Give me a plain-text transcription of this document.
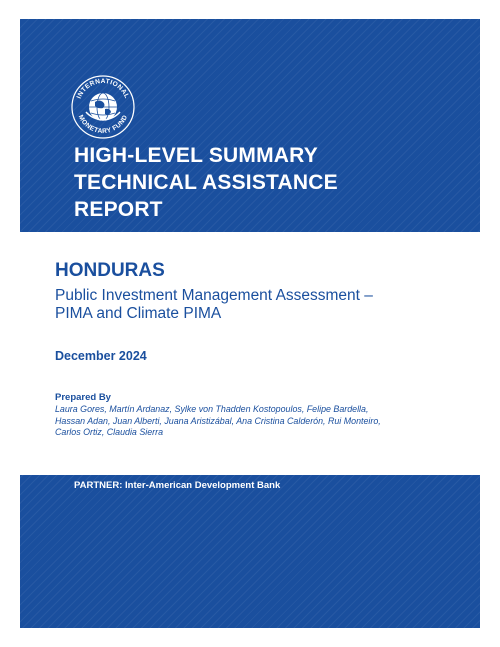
INTERNATIONAL
MONETARY FUND
HIGH-LEVEL SUMMARY
TECHNICAL ASSISTANCE
REPORT
HONDURAS

Public Investment Management Assessment –
PIMA and Climate PIMA

December 2024

Prepared By

Laura Gores, Martín Ardanaz, Sylke von Thadden Kostopoulos, Felipe Bardella,
Hassan Adan, Juan Alberti, Juana Aristizábal, Ana Cristina Calderón, Rui Monteiro,
Carlos Ortiz, Claudia Sierra

PARTNER: Inter-American Development Bank
